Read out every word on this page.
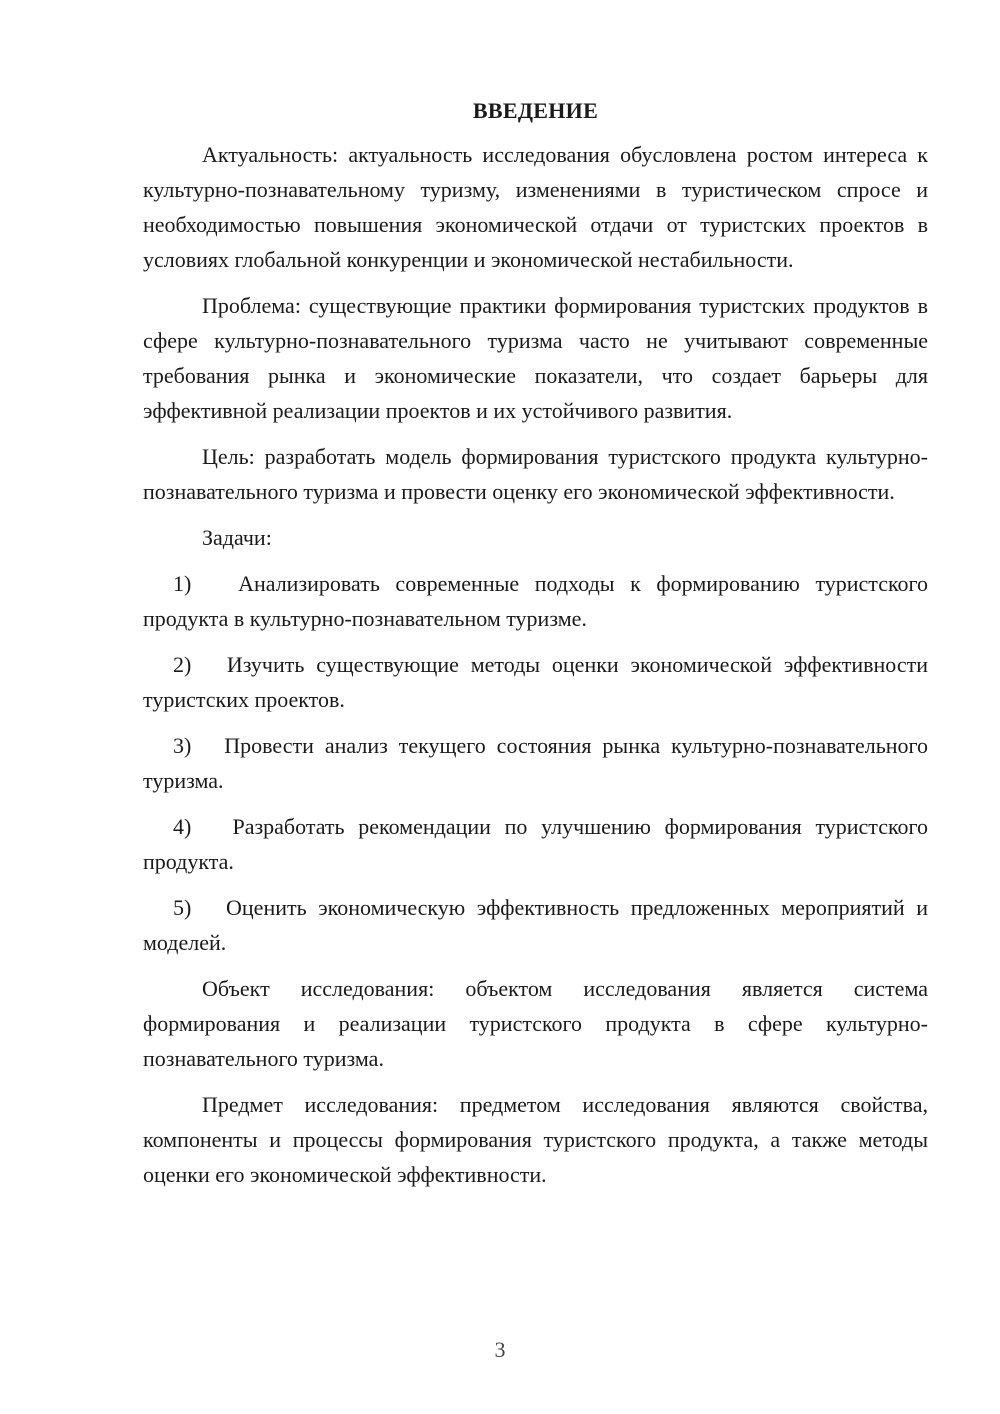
ВВЕДЕНИЕ

Актуальность: актуальность исследования обусловлена ростом интереса к культурно-познавательному туризму, изменениями в туристическом спросе и необходимостью повышения экономической отдачи от туристских проектов в условиях глобальной конкуренции и экономической нестабильности.

Проблема: существующие практики формирования туристских продуктов в сфере культурно-познавательного туризма часто не учитывают современные требования рынка и экономические показатели, что создает барьеры для эффективной реализации проектов и их устойчивого развития.

Цель: разработать модель формирования туристского продукта культурно-познавательного туризма и провести оценку его экономической эффективности.

Задачи:

1) Анализировать современные подходы к формированию туристского продукта в культурно-познавательном туризме.

2) Изучить существующие методы оценки экономической эффективности туристских проектов.

3) Провести анализ текущего состояния рынка культурно-познавательного туризма.

4) Разработать рекомендации по улучшению формирования туристского продукта.

5) Оценить экономическую эффективность предложенных мероприятий и моделей.

Объект исследования: объектом исследования является система формирования и реализации туристского продукта в сфере культурно-познавательного туризма.

Предмет исследования: предметом исследования являются свойства, компоненты и процессы формирования туристского продукта, а также методы оценки его экономической эффективности.

3
